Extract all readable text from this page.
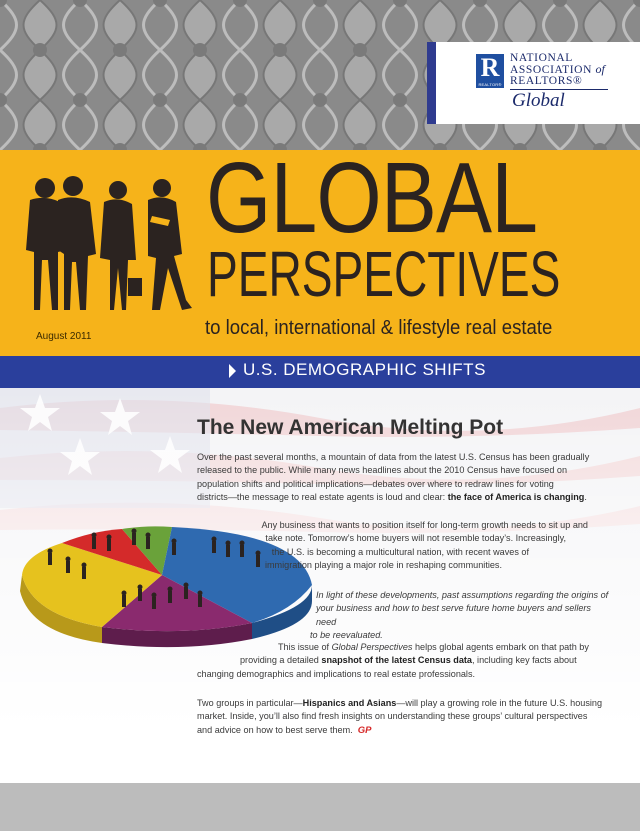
R
REALTOR®
NATIONAL
ASSOCIATION of
REALTORS®
Global
GLOBAL
PERSPECTIVES
to local, international & lifestyle real estate
August 2011
U.S. DEMOGRAPHIC SHIFTS
The New American Melting Pot
Over the past several months, a mountain of data from the latest U.S. Census has been gradually
released to the public. While many news headlines about the 2010 Census have focused on
population shifts and political implications—debates over where to redraw lines for voting
districts—the message to real estate agents is loud and clear: the face of America is changing.
Any business that wants to position itself for long-term growth needs to sit up and
take note. Tomorrow’s home buyers will not resemble today’s. Increasingly,
the U.S. is becoming a multicultural nation, with recent waves of
immigration playing a major role in reshaping communities.
In light of these developments, past assumptions regarding the origins of
your business and how to best serve future home buyers and sellers need
to be reevaluated.
This issue of Global Perspectives helps global agents embark on that path by
providing a detailed snapshot of the latest Census data, including key facts about
changing demographics and implications to real estate professionals.
Two groups in particular—Hispanics and Asians—will play a growing role in the future U.S. housing
market. Inside, you’ll also find fresh insights on understanding these groups’ cultural perspectives
and advice on how to best serve them. GP
